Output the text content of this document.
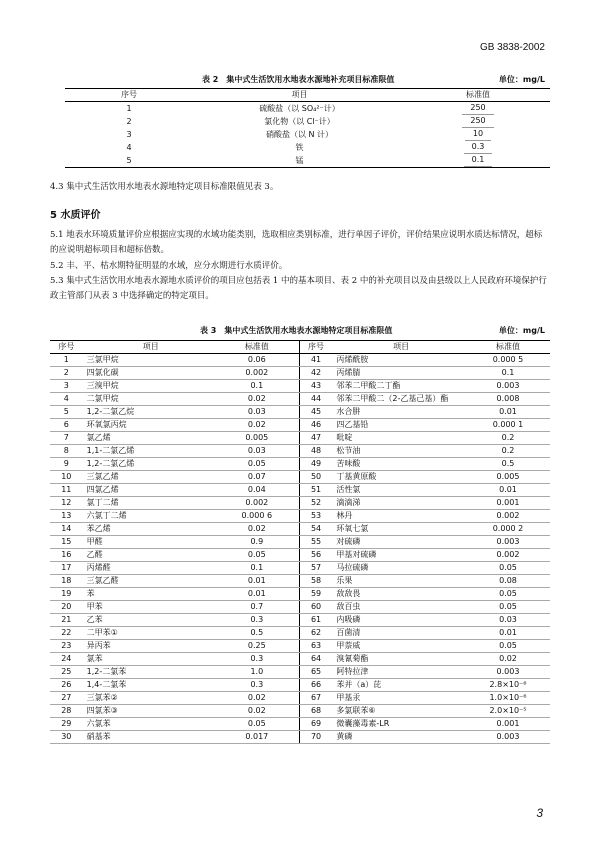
GB 3838-2002
表 2　集中式生活饮用水地表水源地补充项目标准限值	单位：mg/L
序号	项目	标准值
1	硫酸盐（以 SO₄²⁻计）	250
2	氯化物（以 Cl⁻计）	250
3	硝酸盐（以 N 计）	10
4	铁	0.3
5	锰	0.1
4.3 集中式生活饮用水地表水源地特定项目标准限值见表 3。
5 水质评价
5.1 地表水环境质量评价应根据应实现的水域功能类别，选取相应类别标准，进行单因子评价，评价结果应说明水质达标情况，超标的应说明超标项目和超标倍数。
5.2 丰、平、枯水期特征明显的水域，应分水期进行水质评价。
5.3 集中式生活饮用水地表水源地水质评价的项目应包括表 1 中的基本项目、表 2 中的补充项目以及由县级以上人民政府环境保护行政主管部门从表 3 中选择确定的特定项目。
表 3　集中式生活饮用水地表水源地特定项目标准限值	单位：mg/L
序号	项目	标准值	序号	项目	标准值
1	三氯甲烷	0.06	41	丙烯酰胺	0.000 5
2	四氯化碳	0.002	42	丙烯腈	0.1
3	三溴甲烷	0.1	43	邻苯二甲酸二丁酯	0.003
4	二氯甲烷	0.02	44	邻苯二甲酸二（2-乙基己基）酯	0.008
5	1,2-二氯乙烷	0.03	45	水合肼	0.01
6	环氧氯丙烷	0.02	46	四乙基铅	0.000 1
7	氯乙烯	0.005	47	吡啶	0.2
8	1,1-二氯乙烯	0.03	48	松节油	0.2
9	1,2-二氯乙烯	0.05	49	苦味酸	0.5
10	三氯乙烯	0.07	50	丁基黄原酸	0.005
11	四氯乙烯	0.04	51	活性氯	0.01
12	氯丁二烯	0.002	52	滴滴涕	0.001
13	六氯丁二烯	0.000 6	53	林丹	0.002
14	苯乙烯	0.02	54	环氧七氯	0.000 2
15	甲醛	0.9	55	对硫磷	0.003
16	乙醛	0.05	56	甲基对硫磷	0.002
17	丙烯醛	0.1	57	马拉硫磷	0.05
18	三氯乙醛	0.01	58	乐果	0.08
19	苯	0.01	59	敌敌畏	0.05
20	甲苯	0.7	60	敌百虫	0.05
21	乙苯	0.3	61	内吸磷	0.03
22	二甲苯①	0.5	62	百菌清	0.01
23	异丙苯	0.25	63	甲萘威	0.05
24	氯苯	0.3	64	溴氰菊酯	0.02
25	1,2-二氯苯	1.0	65	阿特拉津	0.003
26	1,4-二氯苯	0.3	66	苯并（a）芘	2.8×10⁻⁶
27	三氯苯②	0.02	67	甲基汞	1.0×10⁻⁶
28	四氯苯③	0.02	68	多氯联苯⑥	2.0×10⁻⁵
29	六氯苯	0.05	69	微囊藻毒素-LR	0.001
30	硝基苯	0.017	70	黄磷	0.003
3
